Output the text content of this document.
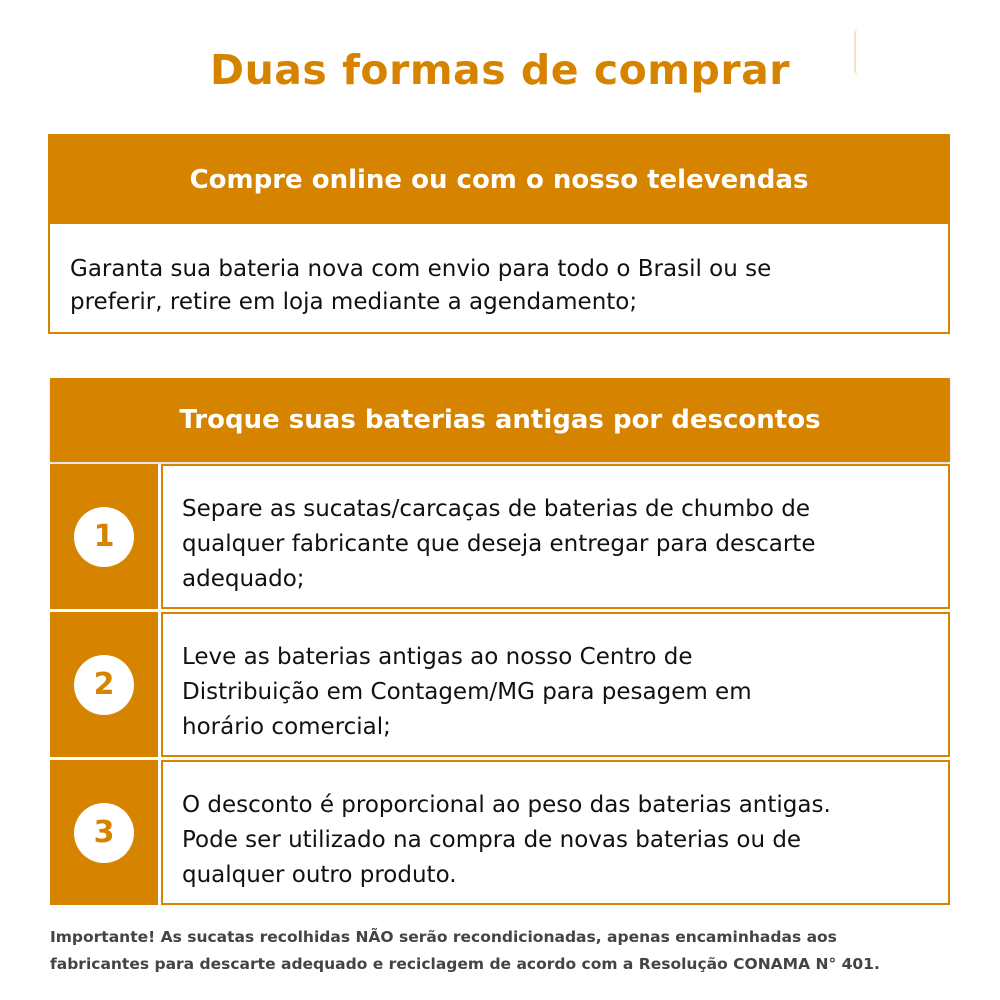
Duas formas de comprar
Compre online ou com o nosso televendas
Garanta sua bateria nova com envio para todo o Brasil ou se
preferir, retire em loja mediante a agendamento;
Troque suas baterias antigas por descontos
1
Separe as sucatas/carcaças de baterias de chumbo de
qualquer fabricante que deseja entregar para descarte
adequado;
2
Leve as baterias antigas ao nosso Centro de
Distribuição em Contagem/MG para pesagem em
horário comercial;
3
O desconto é proporcional ao peso das baterias antigas.
Pode ser utilizado na compra de novas baterias ou de
qualquer outro produto.
Importante! As sucatas recolhidas NÃO serão recondicionadas, apenas encaminhadas aos
fabricantes para descarte adequado e reciclagem de acordo com a Resolução CONAMA N° 401.
